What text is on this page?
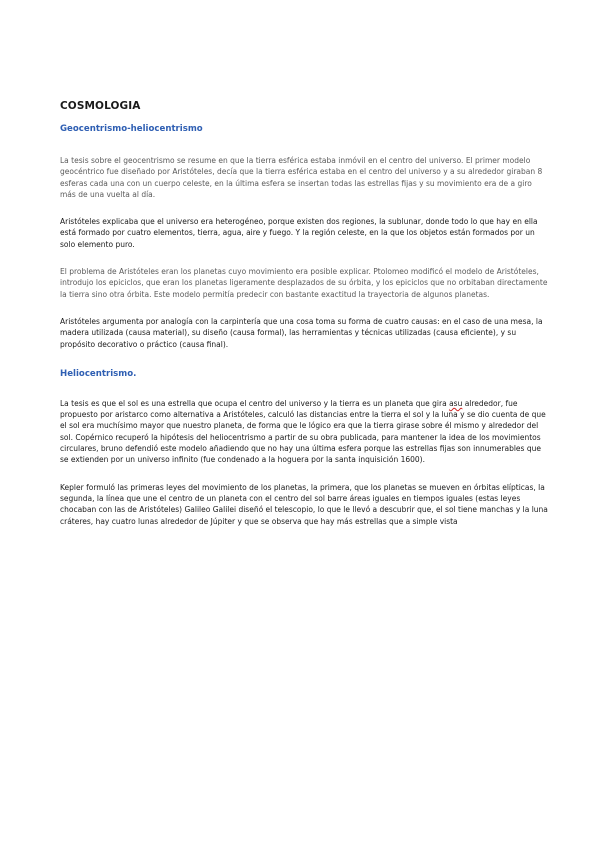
COSMOLOGIA
Geocentrismo-heliocentrismo

La tesis sobre el geocentrismo se resume en que la tierra esférica estaba inmóvil en el centro del universo. El primer modelo geocéntrico fue diseñado por Aristóteles, decía que la tierra esférica estaba en el centro del universo y a su alrededor giraban 8 esferas cada una con un cuerpo celeste, en la última esfera se insertan todas las estrellas fijas y su movimiento era de a giro más de una vuelta al día.

Aristóteles explicaba que el universo era heterogéneo, porque existen dos regiones, la sublunar, donde todo lo que hay en ella está formado por cuatro elementos, tierra, agua, aire y fuego. Y la región celeste, en la que los objetos están formados por un solo elemento puro.

El problema de Aristóteles eran los planetas cuyo movimiento era posible explicar. Ptolomeo modificó el modelo de Aristóteles, introdujo los epiciclos, que eran los planetas ligeramente desplazados de su órbita, y los epiciclos que no orbitaban directamente la tierra sino otra órbita. Este modelo permitía predecir con bastante exactitud la trayectoria de algunos planetas.

Aristóteles argumenta por analogía con la carpintería que una cosa toma su forma de cuatro causas: en el caso de una mesa, la madera utilizada (causa material), su diseño (causa formal), las herramientas y técnicas utilizadas (causa eficiente), y su propósito decorativo o práctico (causa final).

Heliocentrismo.

La tesis es que el sol es una estrella que ocupa el centro del universo y la tierra es un planeta que gira asu alrededor, fue propuesto por aristarco como alternativa a Aristóteles, calculó las distancias entre la tierra el sol y la luna y se dio cuenta de que el sol era muchísimo mayor que nuestro planeta, de forma que le lógico era que la tierra girase sobre él mismo y alrededor del sol. Copérnico recuperó la hipótesis del heliocentrismo a partir de su obra publicada, para mantener la idea de los movimientos circulares, bruno defendió este modelo añadiendo que no hay una última esfera porque las estrellas fijas son innumerables que se extienden por un universo infinito (fue condenado a la hoguera por la santa inquisición 1600).

Kepler formuló las primeras leyes del movimiento de los planetas, la primera, que los planetas se mueven en órbitas elípticas, la segunda, la línea que une el centro de un planeta con el centro del sol barre áreas iguales en tiempos iguales (estas leyes chocaban con las de Aristóteles) Galileo Galilei diseñó el telescopio, lo que le llevó a descubrir que, el sol tiene manchas y la luna cráteres, hay cuatro lunas alrededor de Júpiter y que se observa que hay más estrellas que a simple vista
